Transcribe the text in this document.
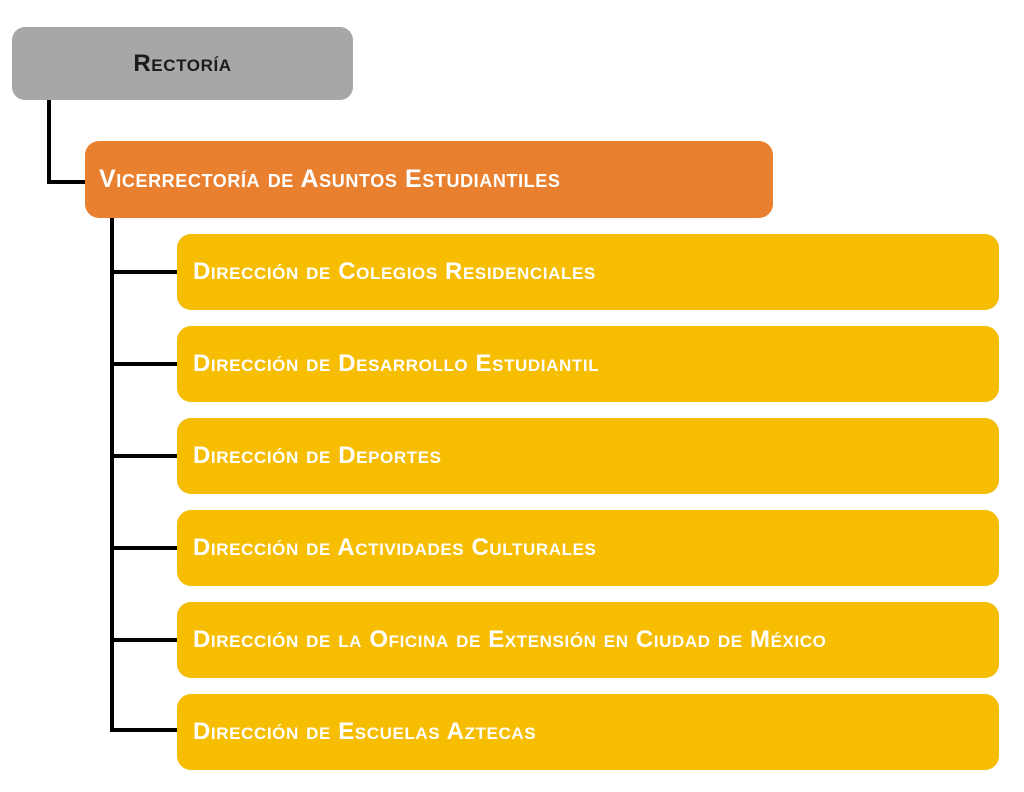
Rectoría
Vicerrectoría de Asuntos Estudiantiles
Dirección de Colegios Residenciales
Dirección de Desarrollo Estudiantil
Dirección de Deportes
Dirección de Actividades Culturales
Dirección de la Oficina de Extensión en Ciudad de México
Dirección de Escuelas Aztecas
